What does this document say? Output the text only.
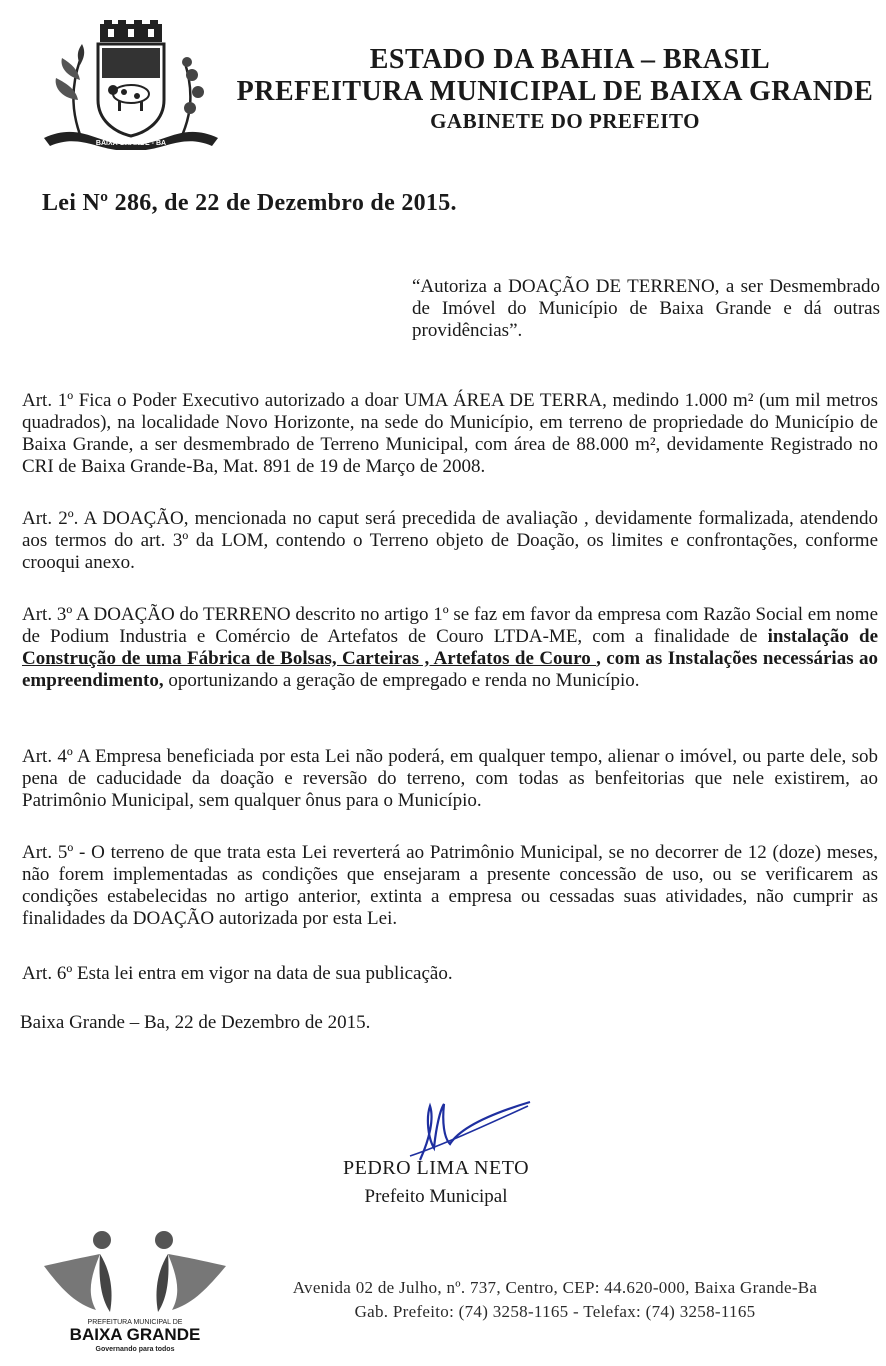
BAIXA GRANDE - BA
ESTADO DA BAHIA – BRASIL
PREFEITURA MUNICIPAL DE BAIXA GRANDE
GABINETE DO PREFEITO
Lei Nº 286, de 22 de Dezembro de 2015.
“Autoriza a DOAÇÃO DE TERRENO, a ser Desmembrado de Imóvel do Município de Baixa Grande e dá outras providências”.
Art. 1º Fica o Poder Executivo autorizado a doar UMA ÁREA DE TERRA, medindo 1.000 m² (um mil metros quadrados), na localidade Novo Horizonte, na sede do Município, em terreno de propriedade do Município de Baixa Grande, a ser desmembrado de Terreno Municipal, com área de 88.000 m², devidamente Registrado no CRI de Baixa Grande-Ba, Mat. 891 de 19 de Março de 2008.
Art. 2º. A DOAÇÃO, mencionada no caput será precedida de avaliação , devidamente formalizada, atendendo aos termos do art. 3º da LOM, contendo o Terreno objeto de Doação, os limites e confrontações, conforme crooqui anexo.
Art. 3º A DOAÇÃO do TERRENO descrito no artigo 1º se faz em favor da empresa com Razão Social em nome de Podium Industria e Comércio de Artefatos de Couro LTDA-ME, com a finalidade de instalação de Construção de uma Fábrica de Bolsas, Carteiras , Artefatos de Couro , com as Instalações necessárias ao empreendimento, oportunizando a geração de empregado e renda no Município.
Art. 4º A Empresa beneficiada por esta Lei não poderá, em qualquer tempo, alienar o imóvel, ou parte dele, sob pena de caducidade da doação e reversão do terreno, com todas as benfeitorias que nele existirem, ao Patrimônio Municipal, sem qualquer ônus para o Município.
Art. 5º - O terreno de que trata esta Lei reverterá ao Patrimônio Municipal, se no decorrer de 12 (doze) meses, não forem implementadas as condições que ensejaram a presente concessão de uso, ou se verificarem as condições estabelecidas no artigo anterior, extinta a empresa ou cessadas suas atividades, não cumprir as finalidades da DOAÇÃO autorizada por esta Lei.
Art. 6º Esta lei entra em vigor na data de sua publicação.
Baixa Grande – Ba, 22 de Dezembro de 2015.
PEDRO LIMA NETO
Prefeito Municipal
PREFEITURA MUNICIPAL DE
BAIXA GRANDE
Governando para todos
Avenida 02 de Julho, nº. 737, Centro, CEP: 44.620-000, Baixa Grande-Ba
Gab. Prefeito: (74) 3258-1165 - Telefax: (74) 3258-1165
